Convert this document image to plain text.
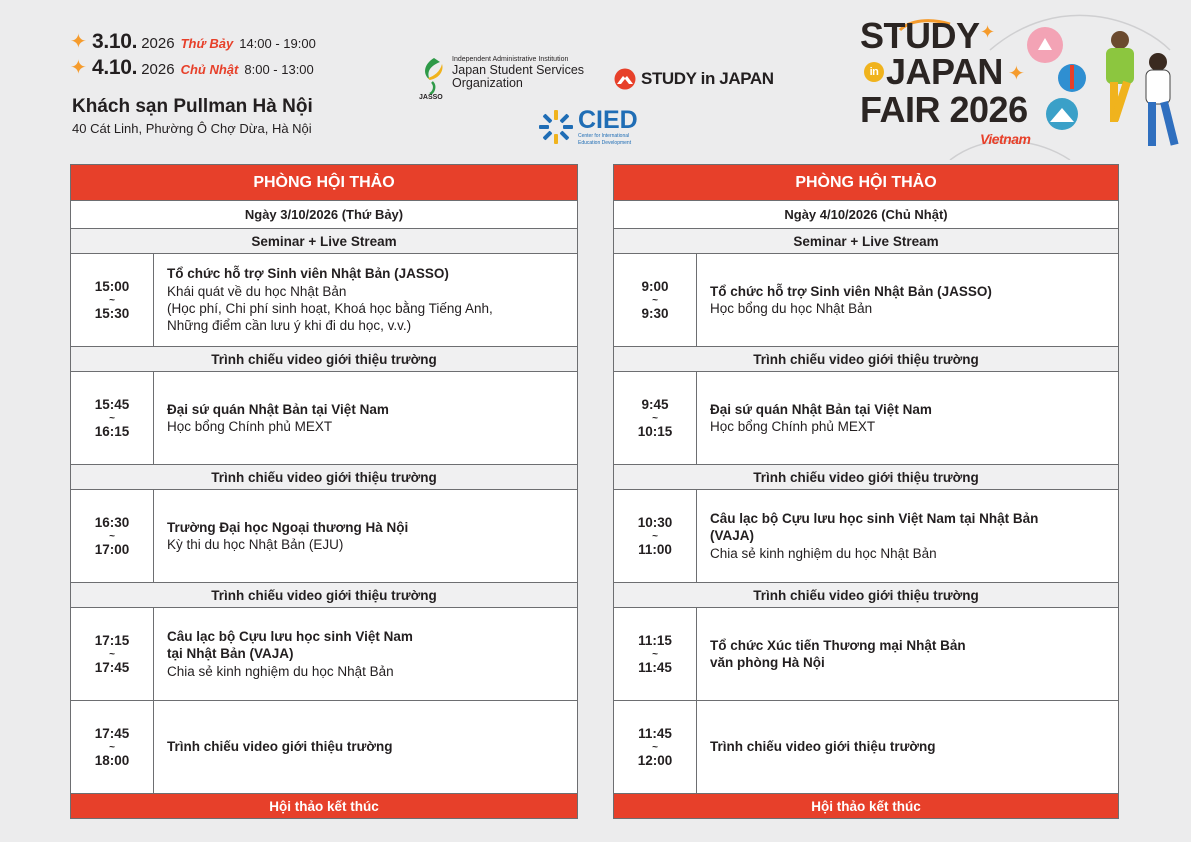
✦ 3.10. 2026 Thứ Bảy 14:00 - 19:00
✦ 4.10. 2026 Chủ Nhật 8:00 - 13:00
Khách sạn Pullman Hà Nội
40 Cát Linh, Phường Ô Chợ Dừa, Hà Nội
Independent Administrative Institution
Japan Student Services
Organization
JASSO
STUDY in JAPAN
CIED
Center for International
Education Development
✦
✦
STUDY
in JAPAN
FAIR 2026
Vietnam
PHÒNG HỘI THẢO
Ngày 3/10/2026 (Thứ Bảy)
Seminar + Live Stream
15:00
~
15:30
Tổ chức hỗ trợ Sinh viên Nhật Bản (JASSO)
Khái quát về du học Nhật Bản
(Học phí, Chi phí sinh hoạt, Khoá học bằng Tiếng Anh,
Những điểm cần lưu ý khi đi du học, v.v.)
Trình chiếu video giới thiệu trường
15:45
~
16:15
Đại sứ quán Nhật Bản tại Việt Nam
Học bổng Chính phủ MEXT
Trình chiếu video giới thiệu trường
16:30
~
17:00
Trường Đại học Ngoại thương Hà Nội
Kỳ thi du học Nhật Bản (EJU)
Trình chiếu video giới thiệu trường
17:15
~
17:45
Câu lạc bộ Cựu lưu học sinh Việt Nam
tại Nhật Bản (VAJA)
Chia sẻ kinh nghiệm du học Nhật Bản
17:45
~
18:00
Trình chiếu video giới thiệu trường
Hội thảo kết thúc
PHÒNG HỘI THẢO
Ngày 4/10/2026 (Chủ Nhật)
Seminar + Live Stream
9:00
~
9:30
Tổ chức hỗ trợ Sinh viên Nhật Bản (JASSO)
Học bổng du học Nhật Bản
Trình chiếu video giới thiệu trường
9:45
~
10:15
Đại sứ quán Nhật Bản tại Việt Nam
Học bổng Chính phủ MEXT
Trình chiếu video giới thiệu trường
10:30
~
11:00
Câu lạc bộ Cựu lưu học sinh Việt Nam tại Nhật Bản
(VAJA)
Chia sẻ kinh nghiệm du học Nhật Bản
Trình chiếu video giới thiệu trường
11:15
~
11:45
Tổ chức Xúc tiến Thương mại Nhật Bản
văn phòng Hà Nội
11:45
~
12:00
Trình chiếu video giới thiệu trường
Hội thảo kết thúc
